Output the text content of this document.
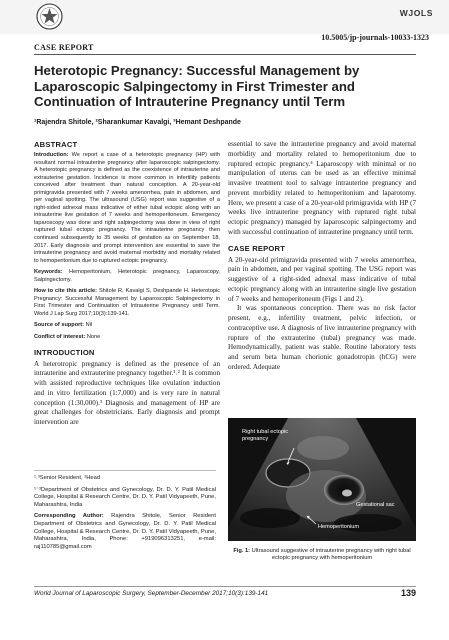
WJOLS
10.5005/jp-journals-10033-1323
CASE REPORT
Heterotopic Pregnancy: Successful Management by Laparoscopic Salpingectomy in First Trimester and Continuation of Intrauterine Pregnancy until Term
¹Rajendra Shitole, ²Sharankumar Kavalgi, ³Hemant Deshpande
ABSTRACT

Introduction: We report a case of a heterotopic pregnancy (HP) with resultant normal intrauterine pregnancy after laparoscopic salpingectomy. A heterotopic pregnancy is defined as the coexistence of intrauterine and extrauterine gestation. Incidence is more common in infertility patients conceived after treatment than natural conception. A 20-year-old primigravida presented with 7 weeks amenorrhea, pain in abdomen, and per vaginal spotting. The ultrasound (USG) report was suggestive of a right-sided adnexal mass indicative of either tubal ectopic along with an intrauterine live gestation of 7 weeks and hemoperitoneum. Emergency laparoscopy was done and right salpingectomy was done in view of right ruptured tubal ectopic pregnancy. The intrauterine pregnancy then continued subsequently to 35 weeks of gestation as on September 18, 2017. Early diagnosis and prompt intervention are essential to save the intrauterine pregnancy and avoid maternal morbidity and mortality related to hemoperitonium due to ruptured ectopic pregnancy.

Keywords: Hemoperitonium, Heterotopic pregnancy, Laparoscopy, Salpingectomy.

How to cite this article: Shitole R, Kavalgi S, Deshpande H. Heterotopic Pregnancy: Successful Management by Laparoscopic Salpingectomy in First Trimester and Continuation of Intrauterine Pregnancy until Term. World J Lap Surg 2017;10(3):139-141.

Source of support: Nil

Conflict of interest: None

INTRODUCTION

A heterotropic pregnancy is defined as the presence of an intrauterine and extrauterine pregnancy together.¹˒² It is common with assisted reproductive techniques like ovulation induction and in vitro fertilization (1:7,000) and is very rare in natural conception (1:30,000).³ Diagnosis and management of HP are great challenges for obstetricians. Early diagnosis and prompt intervention are

essential to save the intrauterine pregnancy and avoid maternal morbidity and mortality related to hemoperitonium due to ruptured ectopic pregnancy.⁴ Laparoscopy with minimal or no manipulation of uterus can be used as an effective minimal invasive treatment tool to salvage intrauterine pregnancy and prevent morbidity related to hemoperitonium and laparotomy. Here, we present a case of a 20-year-old primigravida with HP (7 weeks live intrauterine pregnancy with ruptured right tubal ectopic pregnancy) managed by laparoscopic salpingectomy and with successful continuation of intrauterine pregnancy until term.

CASE REPORT

A 20-year-old primigravida presented with 7 weeks amenorrhea, pain in abdomen, and per vaginal spotting. The USG report was suggestive of a right-sided adnexal mass indicative of tubal ectopic pregnancy along with an intrauterine single live gestation of 7 weeks and hemoperitoneum (Figs 1 and 2).

It was spontaneous conception. There was no risk factor present, e.g., infertility treatment, pelvic infection, or contraceptive use. A diagnosis of live intrauterine pregnancy with rupture of the extrauterine (tubal) pregnancy was made. Hemodynamically, patient was stable. Routine laboratory tests and serum beta human chorionic gonadotropin (hCG) were ordered. Adequate

¹˒³Senior Resident, ²Head

¹⁻³Department of Obstetrics and Gynecology, Dr. D. Y. Patil Medical College, Hospital & Research Centre, Dr. D. Y. Patil Vidyapeeth, Pune, Maharashtra, India

Corresponding Author: Rajendra Shitole, Senior Resident Department of Obstetrics and Gynecology, Dr. D. Y. Patil Medical College, Hospital & Research Centre, Dr. D. Y. Patil Vidyapeeth, Pune, Maharashtra, India, Phone: +919096313251, e-mail: raj110785@gmail.com

Right tubal ectopic pregnancy
Gestational sac
Hemoperitonium
Fig. 1: Ultrasound suggestive of intrauterine pregnancy with right tubal ectopic pregnancy with hemoperitonium
World Journal of Laparoscopic Surgery, September-December 2017;10(3):139-141	139
